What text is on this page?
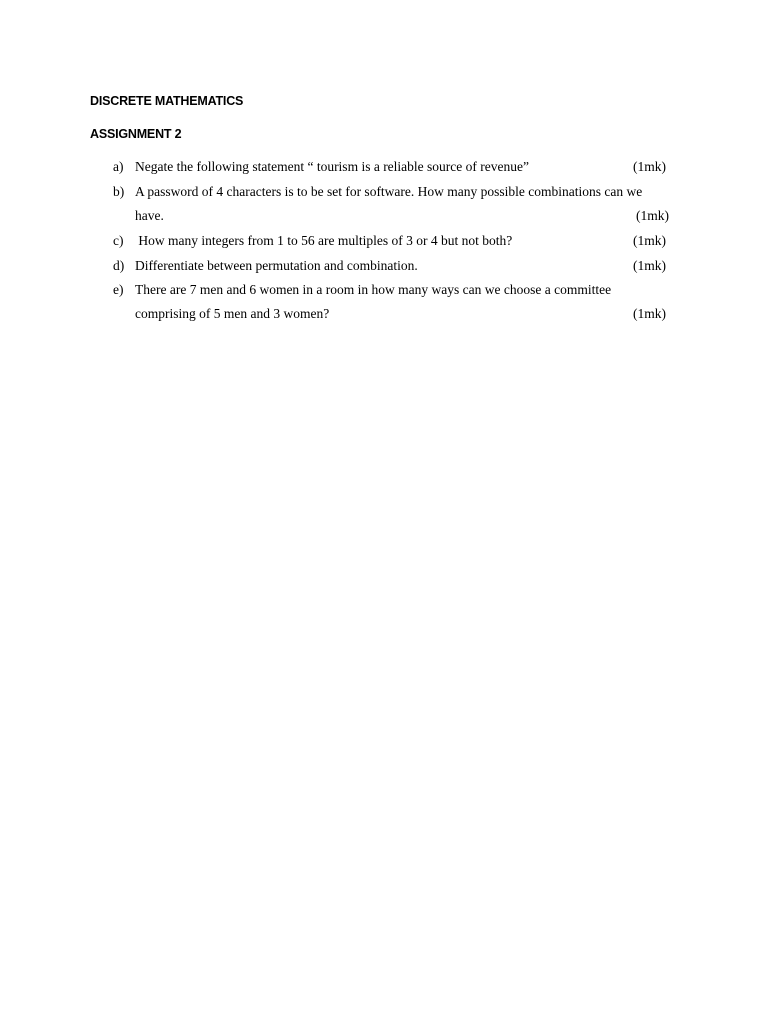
DISCRETE MATHEMATICS
ASSIGNMENT 2
a) Negate the following statement “ tourism is a reliable source of revenue”	(1mk)
b) A password of 4 characters is to be set for software. How many possible combinations can we
have.	(1mk)
c) How many integers from 1 to 56 are multiples of 3 or 4 but not both?	(1mk)
d) Differentiate between permutation and combination.	(1mk)
e) There are 7 men and 6 women in a room in how many ways can we choose a committee
comprising of 5 men and 3 women?	(1mk)
